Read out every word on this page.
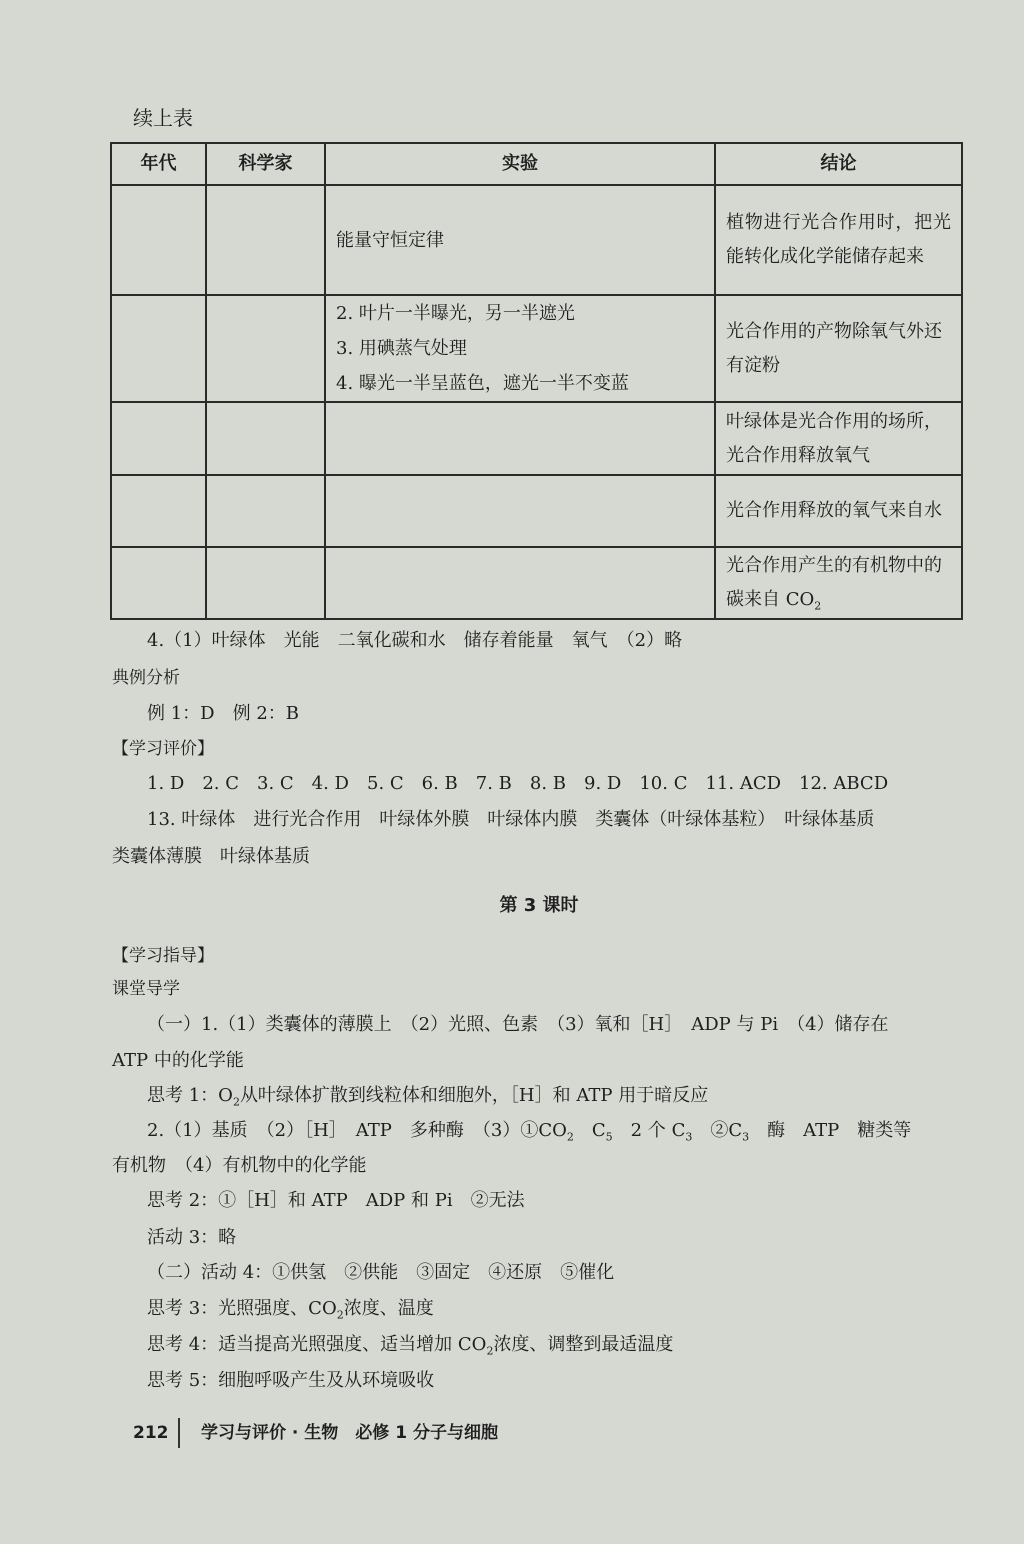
续上表
年代	科学家	实验	结论

		能量守恒定律	植物进行光合作用时，把光能转化成化学能储存起来

		2. 叶片一半曝光，另一半遮光
3. 用碘蒸气处理
4. 曝光一半呈蓝色，遮光一半不变蓝	光合作用的产物除氧气外还有淀粉
			叶绿体是光合作用的场所，光合作用释放氧气
			光合作用释放的氧气来自水
			光合作用产生的有机物中的碳来自 $CO_2$
4.（1）叶绿体　光能　二氧化碳和水　储存着能量　氧气　（2）略
典例分析
例 1：D　例 2：B
【学习评价】
1. D　2. C　3. C　4. D　5. C　6. B　7. B　8. B　9. D　10. C　11. ACD　12. ABCD
13. 叶绿体　进行光合作用　叶绿体外膜　叶绿体内膜　类囊体（叶绿体基粒）　叶绿体基质
类囊体薄膜　叶绿体基质
第 3 课时
【学习指导】
课堂导学
（一）1.（1）类囊体的薄膜上　（2）光照、色素　（3）氧和［H］　ADP 与 Pi　（4）储存在
ATP 中的化学能
思考 1：$O_2$从叶绿体扩散到线粒体和细胞外，［H］和 ATP 用于暗反应
2.（1）基质　（2）［H］　ATP　多种酶　$(3)①CO_2$　$C_5$　2 个 $C_3$　$②C_3$　酶　ATP　糖类等
有机物　（4）有机物中的化学能
思考 2：①［H］和 ATP　ADP 和 Pi　②无法
活动 3：略
（二）活动 4：①供氢　②供能　③固定　④还原　⑤催化
思考 3：光照强度、$CO_2$浓度、温度
思考 4：适当提高光照强度、适当增加 $CO_2$浓度、调整到最适温度
思考 5：细胞呼吸产生及从环境吸收
212 学习与评价 · 生物　必修 1 分子与细胞
